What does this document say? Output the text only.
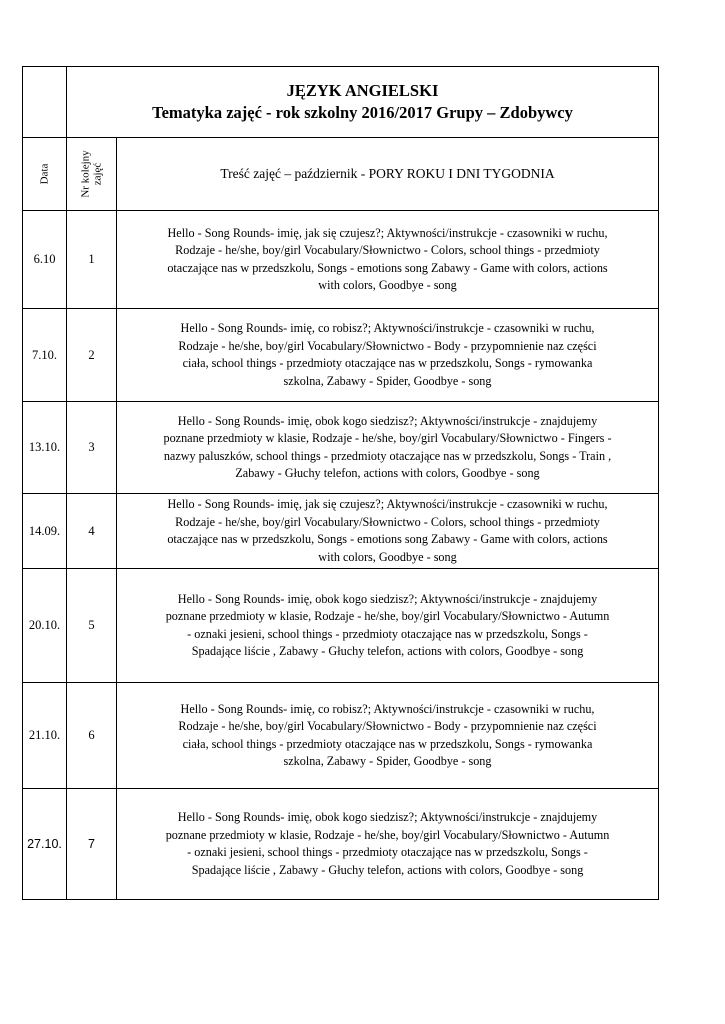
	JĘZYK ANGIELSKI
Tematyka zajęć - rok szkolny 2016/2017 Grupy – Zdobywcy	

Data	Nr kolejny zajęć	Treść zajęć – październik - PORY ROKU I DNI TYGODNIA
6.10	1	Hello - Song Rounds- imię, jak się czujesz?; Aktywności/instrukcje - czasowniki w ruchu,
Rodzaje - he/she, boy/girl Vocabulary/Słownictwo - Colors, school things - przedmioty
otaczające nas w przedszkolu, Songs - emotions song Zabawy - Game with colors, actions
with colors, Goodbye - song

7.10.	2	Hello - Song Rounds- imię, co robisz?; Aktywności/instrukcje - czasowniki w ruchu,
Rodzaje - he/she, boy/girl Vocabulary/Słownictwo - Body - przypomnienie naz części
ciała, school things - przedmioty otaczające nas w przedszkolu, Songs - rymowanka
szkolna, Zabawy - Spider, Goodbye - song

13.10.	3	Hello - Song Rounds- imię, obok kogo siedzisz?; Aktywności/instrukcje - znajdujemy
poznane przedmioty w klasie, Rodzaje - he/she, boy/girl Vocabulary/Słownictwo - Fingers -
nazwy paluszków, school things - przedmioty otaczające nas w przedszkolu, Songs - Train ,
Zabawy - Głuchy telefon, actions with colors, Goodbye - song

14.09.	4	Hello - Song Rounds- imię, jak się czujesz?; Aktywności/instrukcje - czasowniki w ruchu,
Rodzaje - he/she, boy/girl Vocabulary/Słownictwo - Colors, school things - przedmioty
otaczające nas w przedszkolu, Songs - emotions song Zabawy - Game with colors, actions
with colors, Goodbye - song

20.10.	5	Hello - Song Rounds- imię, obok kogo siedzisz?; Aktywności/instrukcje - znajdujemy
poznane przedmioty w klasie, Rodzaje - he/she, boy/girl Vocabulary/Słownictwo - Autumn
- oznaki jesieni, school things - przedmioty otaczające nas w przedszkolu, Songs -
Spadające liście , Zabawy - Głuchy telefon, actions with colors, Goodbye - song

21.10.	6	Hello - Song Rounds- imię, co robisz?; Aktywności/instrukcje - czasowniki w ruchu,
Rodzaje - he/she, boy/girl Vocabulary/Słownictwo - Body - przypomnienie naz części
ciała, school things - przedmioty otaczające nas w przedszkolu, Songs - rymowanka
szkolna, Zabawy - Spider, Goodbye - song

27.10.	7	Hello - Song Rounds- imię, obok kogo siedzisz?; Aktywności/instrukcje - znajdujemy
poznane przedmioty w klasie, Rodzaje - he/she, boy/girl Vocabulary/Słownictwo - Autumn
- oznaki jesieni, school things - przedmioty otaczające nas w przedszkolu, Songs -
Spadające liście , Zabawy - Głuchy telefon, actions with colors, Goodbye - song
